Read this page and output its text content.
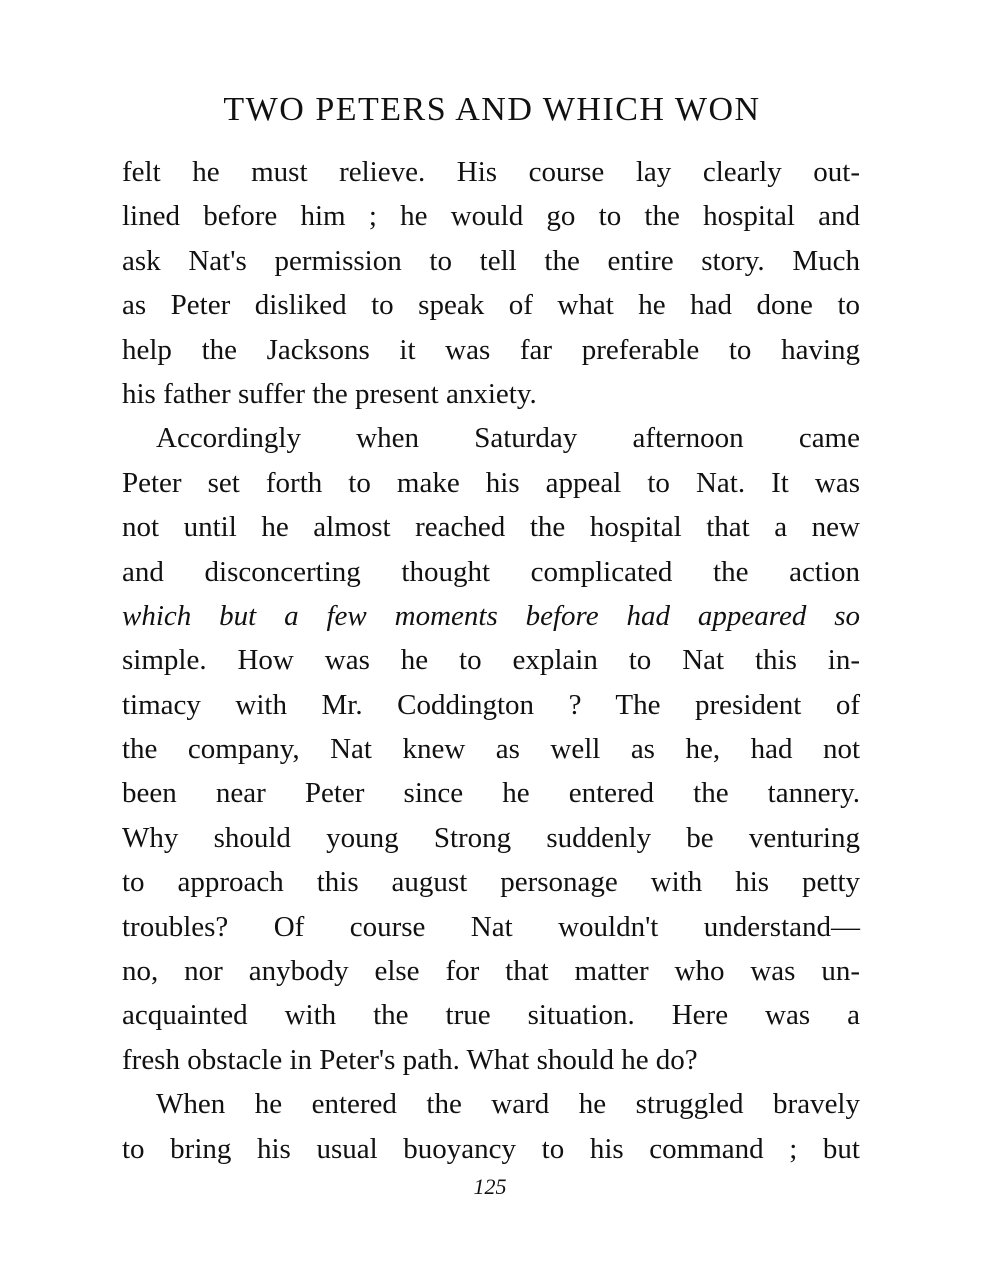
TWO PETERS AND WHICH WON
felt he must relieve. His course lay clearly out-
lined before him ; he would go to the hospital and
ask Nat's permission to tell the entire story. Much
as Peter disliked to speak of what he had done to
help the Jacksons it was far preferable to having
his father suffer the present anxiety.
Accordingly when Saturday afternoon came
Peter set forth to make his appeal to Nat. It was
not until he almost reached the hospital that a new
and disconcerting thought complicated the action
which but a few moments before had appeared so
simple. How was he to explain to Nat this in-
timacy with Mr. Coddington ? The president of
the company, Nat knew as well as he, had not
been near Peter since he entered the tannery.
Why should young Strong suddenly be venturing
to approach this august personage with his petty
troubles? Of course Nat wouldn't understand—
no, nor anybody else for that matter who was un-
acquainted with the true situation. Here was a
fresh obstacle in Peter's path. What should he do?
When he entered the ward he struggled bravely
to bring his usual buoyancy to his command ; but
125
